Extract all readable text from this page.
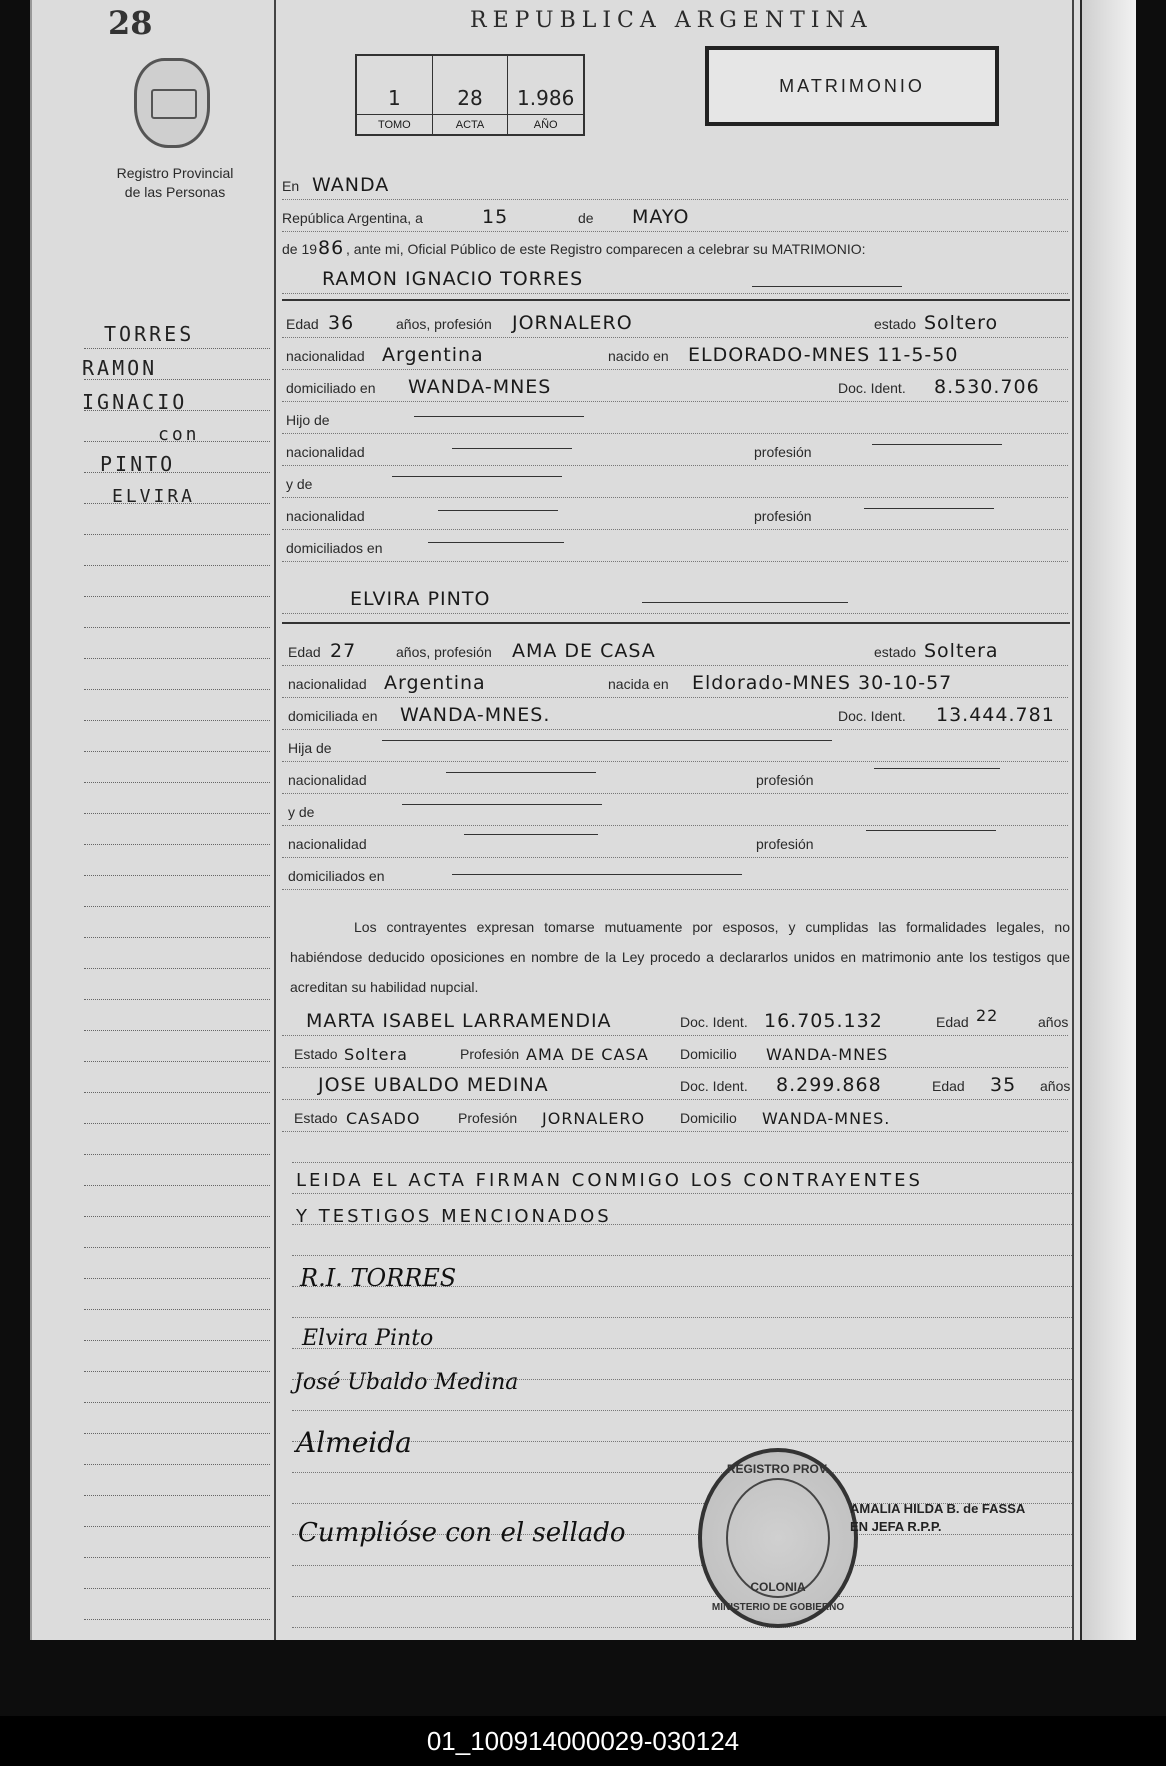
28
Registro Provincial
de las Personas
REPUBLICA ARGENTINA
1
TOMO
28
ACTA
1.986
AÑO
MATRIMONIO
TORRES
RAMON
IGNACIO
con
PINTO
ELVIRA
En WANDA
República Argentina, a	15	de MAYO
de 19 86 , ante mi, Oficial Público de este Registro comparecen a celebrar su MATRIMONIO:
RAMON IGNACIO TORRES
Edad 36	años, profesión JORNALERO	estado Soltero
nacionalidad Argentina	nacido en ELDORADO-MNES 11-5-50
domiciliado en WANDA-MNES	Doc. Ident. 8.530.706
Hijo de
nacionalidad	profesión
y de
nacionalidad	profesión
domiciliados en
ELVIRA PINTO
Edad 27	años, profesión AMA DE CASA	estado Soltera
nacionalidad Argentina	nacida en Eldorado-MNES 30-10-57
domiciliada en WANDA-MNES.	Doc. Ident. 13.444.781
Hija de
nacionalidad	profesión
y de
nacionalidad	profesión
domiciliados en
Los contrayentes expresan tomarse mutuamente por esposos, y cumplidas las formalidades legales, no habiéndose deducido oposiciones en nombre de la Ley procedo a declararlos unidos en matrimonio ante los testigos que acreditan su habilidad nupcial.
MARTA ISABEL LARRAMENDIA	Doc. Ident. 16.705.132	Edad 22	años
Estado Soltera	Profesión AMA DE CASA Domicilio WANDA-MNES
JOSE UBALDO MEDINA	Doc. Ident. 8.299.868	Edad 35 años
Estado CASADO	Profesión JORNALERO Domicilio WANDA-MNES.
LEIDA EL ACTA FIRMAN CONMIGO LOS CONTRAYENTES
Y TESTIGOS MENCIONADOS
R.I. TORRES
Elvira Pinto
José Ubaldo Medina
Almeida
Cumplióse con el sellado
REGISTRO PROV.
COLONIA
MINISTERIO DE GOBIERNO
AMALIA HILDA B. de FASSA
EN JEFA R.P.P.
01_100914000029-030124
